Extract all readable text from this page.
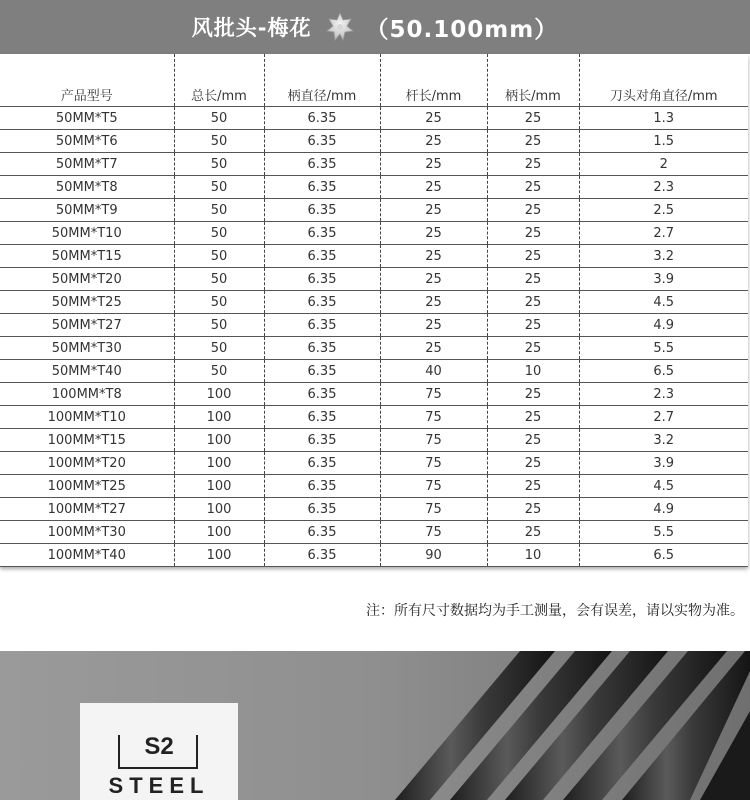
风批头-梅花 （50.100mm）
产品型号	总长/mm	柄直径/mm	杆长/mm	柄长/mm	刀头对角直径/mm
50MM*T5	50	6.35	25	25	1.3
50MM*T6	50	6.35	25	25	1.5
50MM*T7	50	6.35	25	25	2
50MM*T8	50	6.35	25	25	2.3
50MM*T9	50	6.35	25	25	2.5
50MM*T10	50	6.35	25	25	2.7
50MM*T15	50	6.35	25	25	3.2
50MM*T20	50	6.35	25	25	3.9
50MM*T25	50	6.35	25	25	4.5
50MM*T27	50	6.35	25	25	4.9
50MM*T30	50	6.35	25	25	5.5
50MM*T40	50	6.35	40	10	6.5
100MM*T8	100	6.35	75	25	2.3
100MM*T10	100	6.35	75	25	2.7
100MM*T15	100	6.35	75	25	3.2
100MM*T20	100	6.35	75	25	3.9
100MM*T25	100	6.35	75	25	4.5
100MM*T27	100	6.35	75	25	4.9
100MM*T30	100	6.35	75	25	5.5
100MM*T40	100	6.35	90	10	6.5
注：所有尺寸数据均为手工测量，会有误差，请以实物为准。
S2
STEEL
